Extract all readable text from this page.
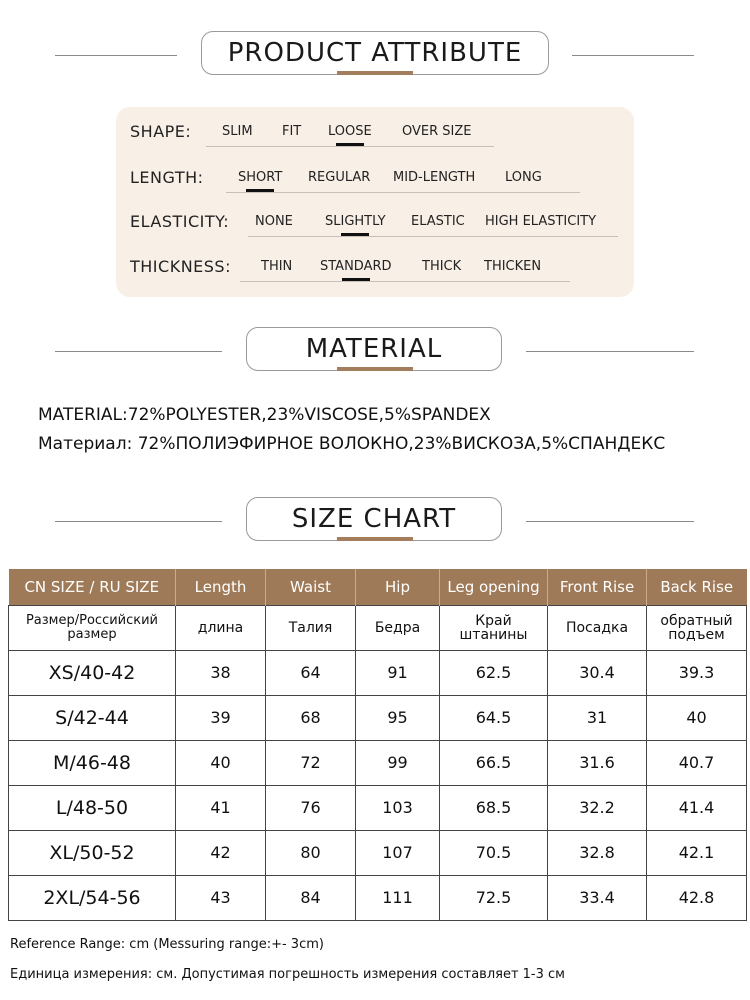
PRODUCT ATTRIBUTE
SHAPE: SLIM FIT LOOSE OVER SIZE
LENGTH:	SHORT REGULAR MID-LENGTH LONG
ELASTICITY: NONE SLIGHTLY ELASTIC HIGH ELASTICITY
THICKNESS: THIN STANDARD THICK THICKEN
MATERIAL
MATERIAL:72%POLYESTER,23%VISCOSE,5%SPANDEX
Материал: 72%ПОЛИЭФИРНОЕ ВОЛОКНО,23%ВИСКОЗА,5%СПАНДЕКС
SIZE CHART
CN SIZE / RU SIZE	Length	Waist	Hip	Leg opening	Front Rise	Back Rise
Размер/Российский размер	длина	Талия	Бедра	Край штанины	Посадка	обратный подъем
XS/40-42	38	64	91	62.5	30.4	39.3
S/42-44	39	68	95	64.5	31	40
M/46-48	40	72	99	66.5	31.6	40.7
L/48-50	41	76	103	68.5	32.2	41.4
XL/50-52	42	80	107	70.5	32.8	42.1
2XL/54-56	43	84	111	72.5	33.4	42.8
Reference Range: cm (Messuring range:+- 3cm)
Единица измерения: см. Допустимая погрешность измерения составляет 1-3 см
